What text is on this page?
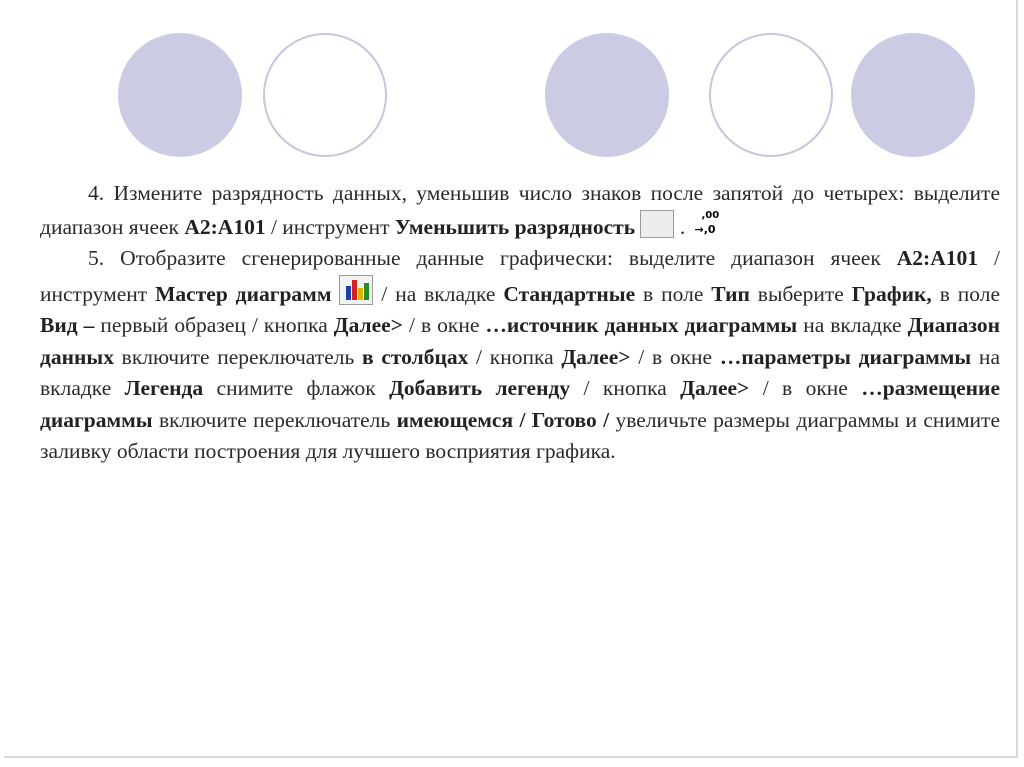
4. Измените разрядность данных, уменьшив число знаков после запятой до четырех: выделите диапазон ячеек A2:A101 / инструмент Уменьшить разрядность	,00
→,0
.

5. Отобразите сгенерированные данные графически: выделите диапазон ячеек A2:A101 / инструмент Мастер диаграмм
/ на вкладке Стандартные в поле Тип выберите График, в поле Вид – первый образец / кнопка Далее> / в окне …источник данных диаграммы на вкладке Диапазон данных включите переключатель в столбцах / кнопка Далее> / в окне …параметры диаграммы на вкладке Легенда снимите флажок Добавить легенду / кнопка Далее> / в окне …размещение диаграммы включите переключатель имеющемся / Готово / увеличьте размеры диаграммы и снимите заливку области построения для лучшего восприятия графика.
